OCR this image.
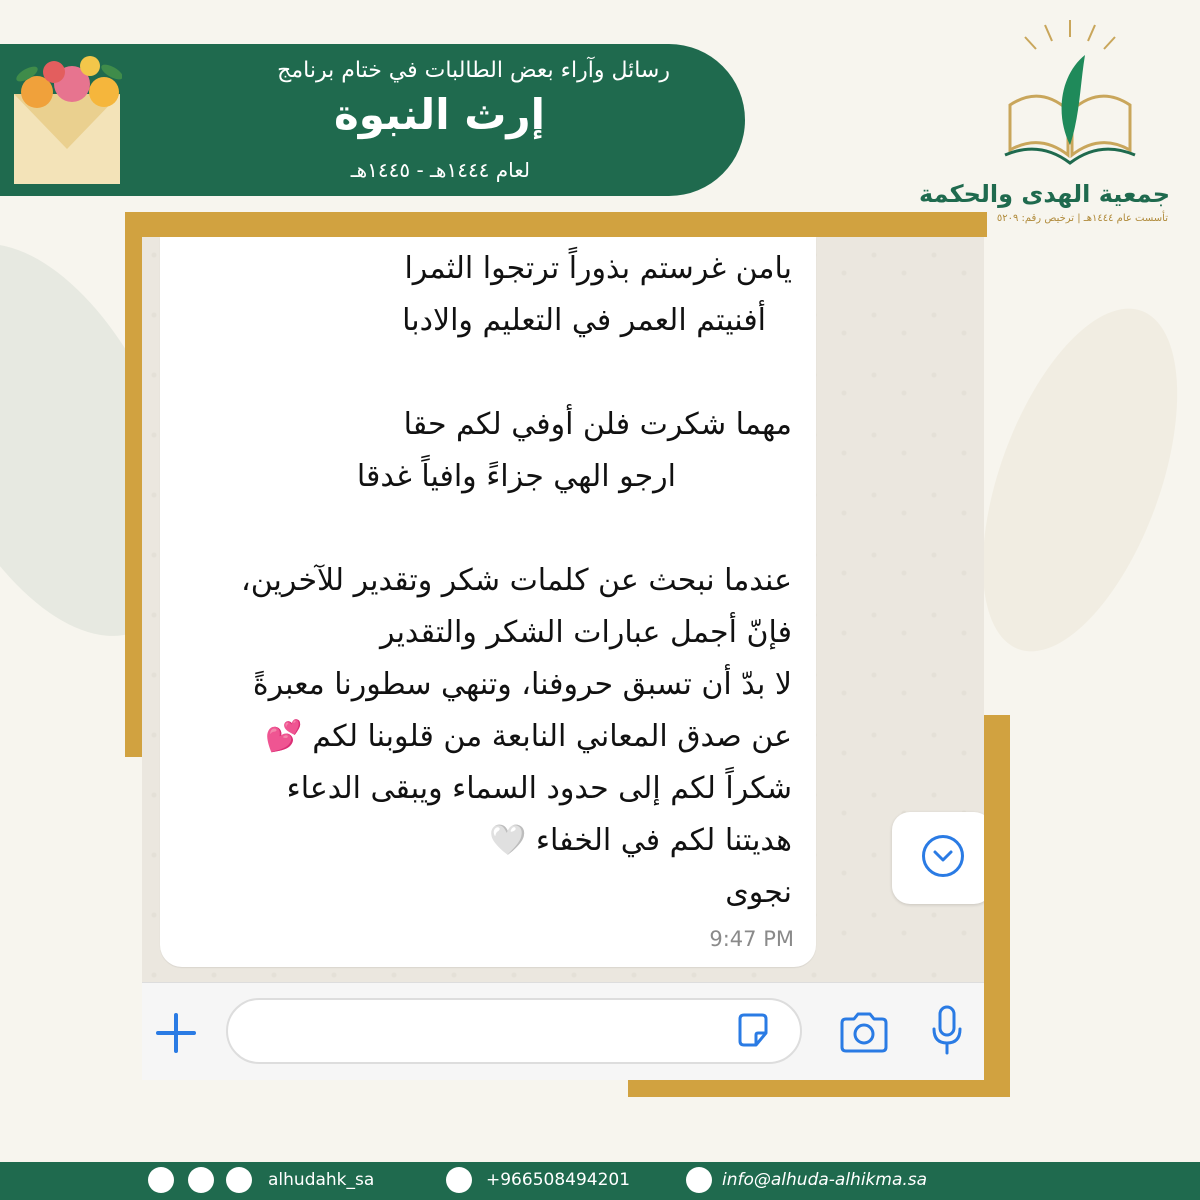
رسائل وآراء بعض الطالبات في ختام برنامج
إرث النبوة
لعام ١٤٤٤هـ - ١٤٤٥هـ
جمعية الهدى والحكمة
تأسست عام ١٤٤٤هـ | ترخيص رقم: ٥٢٠٩
يامن غرستم بذوراً ترتجوا الثمرا
أفنيتم العمر في التعليم والادبا
مهما شكرت فلن أوفي لكم حقا
ارجو الهي جزاءً وافياً غدقا
عندما نبحث عن كلمات شكر وتقدير للآخرين،
فإنّ أجمل عبارات الشكر والتقدير
لا بدّ أن تسبق حروفنا، وتنهي سطورنا معبرةً
عن صدق المعاني النابعة من قلوبنا لكم 💕
شكراً لكم إلى حدود السماء ويبقى الدعاء
هديتنا لكم في الخفاء 🤍
نجوى
9:47 PM
alhudahk_sa	+966508494201	info@alhuda-alhikma.sa
